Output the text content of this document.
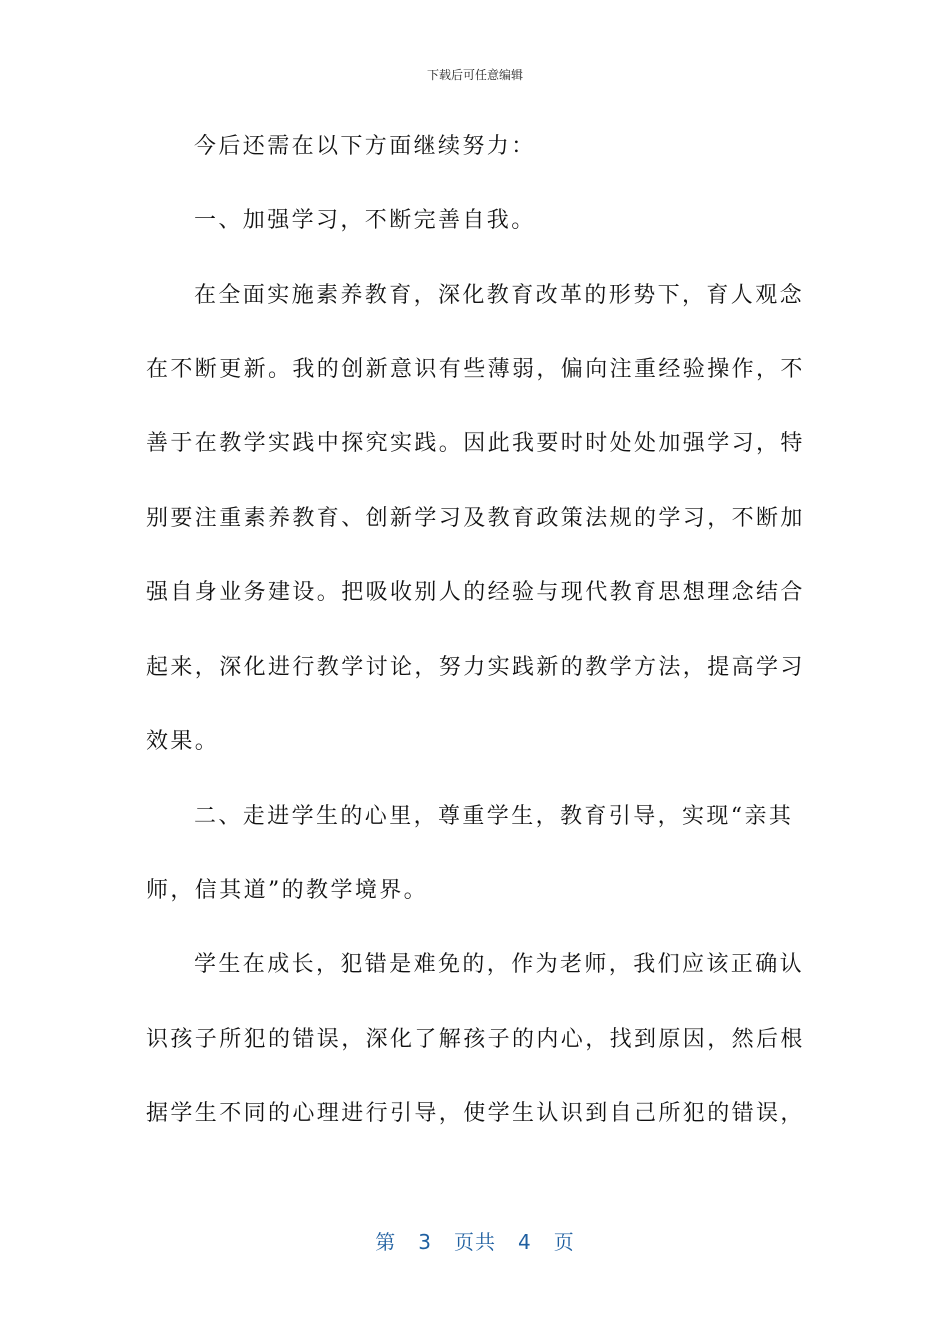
下载后可任意编辑
今后还需在以下方面继续努力：
一、加强学习，不断完善自我。
在全面实施素养教育，深化教育改革的形势下，育人观念
在不断更新。我的创新意识有些薄弱，偏向注重经验操作，不
善于在教学实践中探究实践。因此我要时时处处加强学习，特
别要注重素养教育、创新学习及教育政策法规的学习，不断加
强自身业务建设。把吸收别人的经验与现代教育思想理念结合
起来，深化进行教学讨论，努力实践新的教学方法，提高学习
效果。
二、走进学生的心里，尊重学生，教育引导，实现“亲其
师，信其道”的教学境界。
学生在成长，犯错是难免的，作为老师，我们应该正确认
识孩子所犯的错误，深化了解孩子的内心，找到原因，然后根
据学生不同的心理进行引导，使学生认识到自己所犯的错误，
第 3 页共 4 页
